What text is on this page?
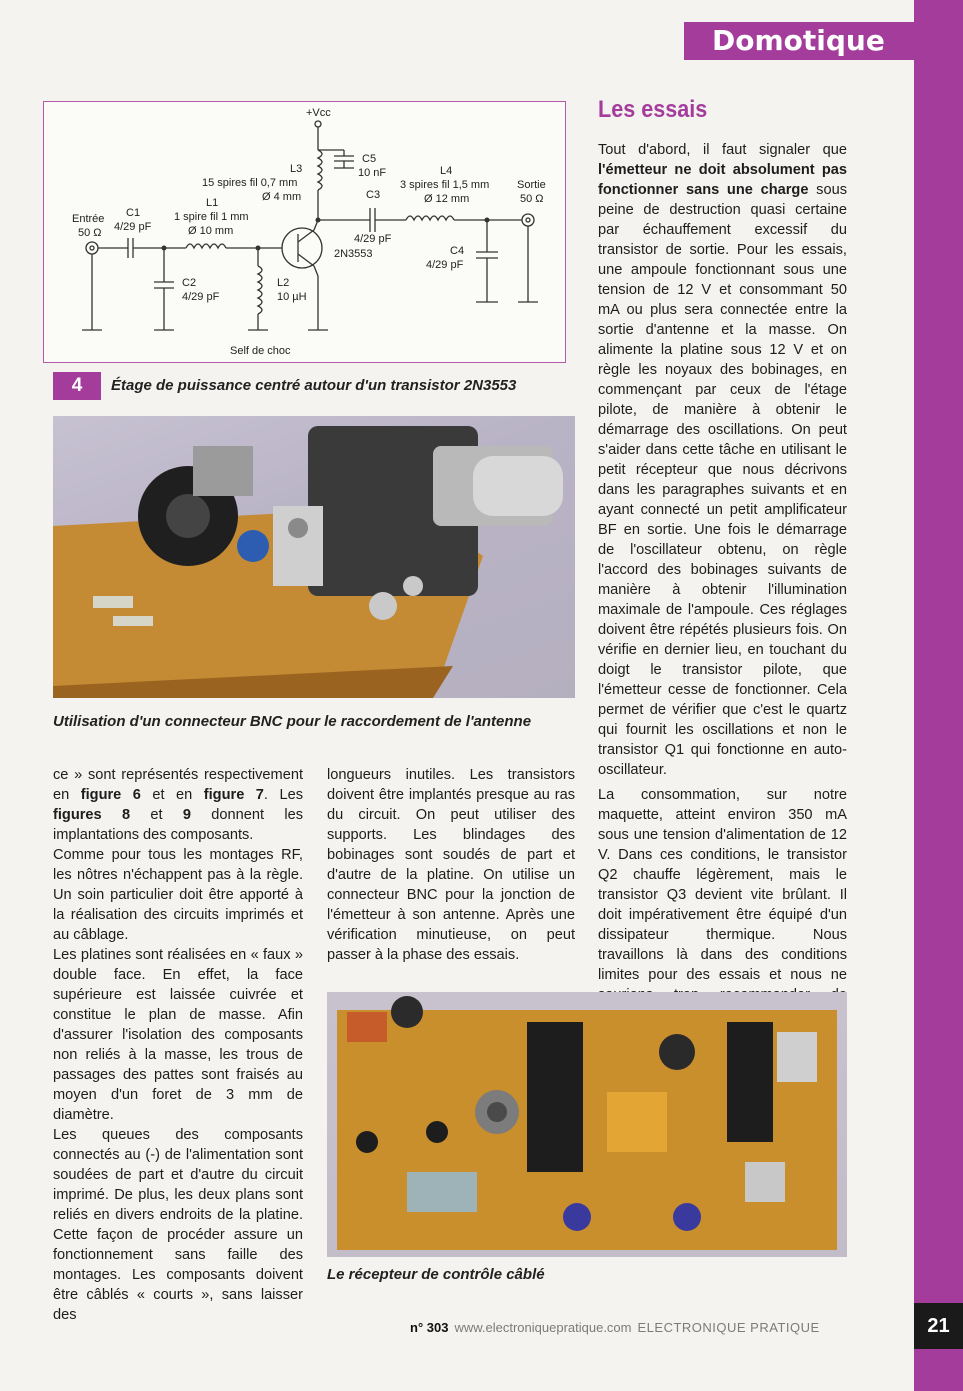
Domotique
Les essais
+Vcc
L3
15 spires fil 0,7 mm
Ø 4 mm
C5
10 nF	L4
3 spires fil 1,5 mm
Ø 12 mm
Sortie
50 Ω
C3
4/29 pF
L1
1 spire fil 1 mm
Ø 10 mm
Entrée
50 Ω
C1
4/29 pF
2N3553	C4
4/29 pF
C2
4/29 pF
L2
10 µH
Self de choc
4	Étage de puissance centré autour d'un transistor 2N3553
Utilisation d'un connecteur BNC pour le raccordement de l'antenne

ce » sont représentés respectivement en figure 6 et en figure 7. Les figures 8 et 9 donnent les implantations des composants.

Comme pour tous les montages RF, les nôtres n'échappent pas à la règle. Un soin particulier doit être apporté à la réalisation des circuits imprimés et au câblage.

Les platines sont réalisées en « faux » double face. En effet, la face supérieure est laissée cuivrée et constitue le plan de masse. Afin d'assurer l'isolation des composants non reliés à la masse, les trous de passages des pattes sont fraisés au moyen d'un foret de 3 mm de diamètre.

Les queues des composants connectés au (-) de l'alimentation sont soudées de part et d'autre du circuit imprimé. De plus, les deux plans sont reliés en divers endroits de la platine. Cette façon de procéder assure un fonctionnement sans faille des montages. Les composants doivent être câblés « courts », sans laisser des

longueurs inutiles. Les transistors doivent être implantés presque au ras du circuit. On peut utiliser des supports. Les blindages des bobinages sont soudés de part et d'autre de la platine. On utilise un connecteur BNC pour la jonction de l'émetteur à son antenne. Après une vérification minutieuse, on peut passer à la phase des essais.

Tout d'abord, il faut signaler que l'émetteur ne doit absolument pas fonctionner sans une charge sous peine de destruction quasi certaine par échauffement excessif du transistor de sortie. Pour les essais, une ampoule fonctionnant sous une tension de 12 V et consommant 50 mA ou plus sera connectée entre la sortie d'antenne et la masse. On alimente la platine sous 12 V et on règle les noyaux des bobinages, en commençant par ceux de l'étage pilote, de manière à obtenir le démarrage des oscillations. On peut s'aider dans cette tâche en utilisant le petit récepteur que nous décrivons dans les paragraphes suivants et en ayant connecté un petit amplificateur BF en sortie. Une fois le démarrage de l'oscillateur obtenu, on règle l'accord des bobinages suivants de manière à obtenir l'illumination maximale de l'ampoule. Ces réglages doivent être répétés plusieurs fois. On vérifie en dernier lieu, en touchant du doigt le transistor pilote, que l'émetteur cesse de fonctionner. Cela permet de vérifier que c'est le quartz qui fournit les oscillations et non le transistor Q1 qui fonctionne en auto-oscillateur.

La consommation, sur notre maquette, atteint environ 350 mA sous une tension d'alimentation de 12 V. Dans ces conditions, le transistor Q2 chauffe légèrement, mais le transistor Q3 devient vite brûlant. Il doit impérativement être équipé d'un dissipateur thermique. Nous travaillons là dans des conditions limites pour des essais et nous ne

Le récepteur de contrôle câblé
n° 303 www.electroniquepratique.com ELECTRONIQUE PRATIQUE	21
